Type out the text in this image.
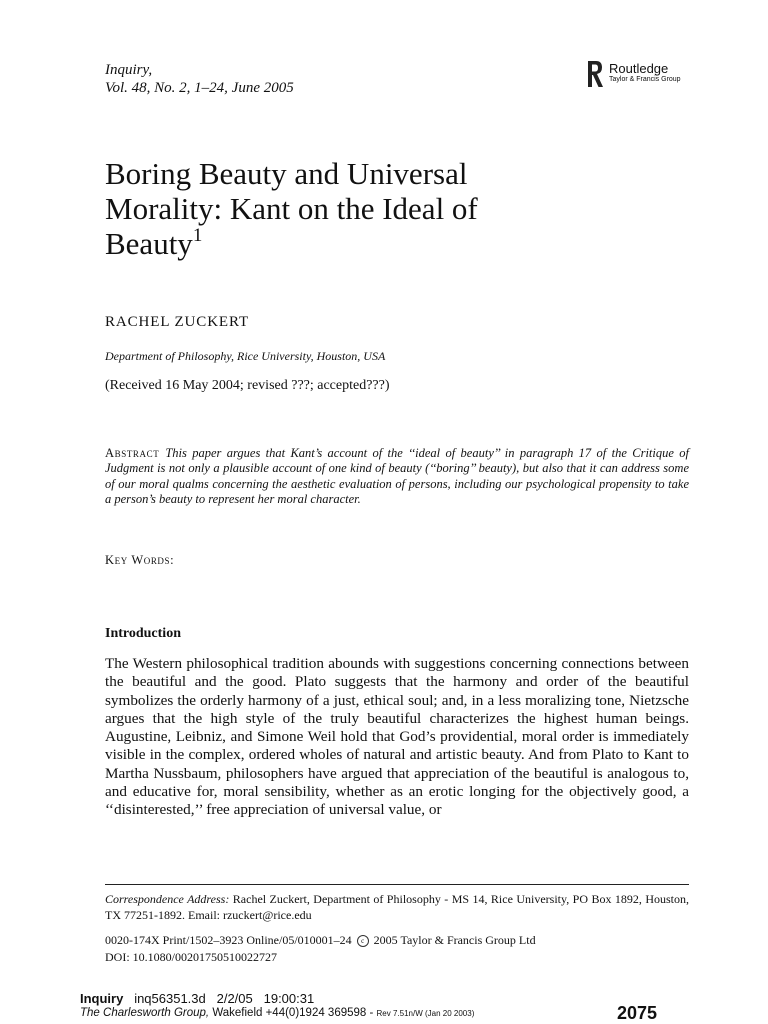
Inquiry,
Vol. 48, No. 2, 1–24, June 2005
Routledge
Taylor & Francis Group
Boring Beauty and Universal
Morality: Kant on the Ideal of
Beauty$^1$
RACHEL ZUCKERT
Department of Philosophy, Rice University, Houston, USA
(Received 16 May 2004; revised ???; accepted???)
Abstract This paper argues that Kant’s account of the ‘‘ideal of beauty’’ in paragraph 17 of the Critique of Judgment is not only a plausible account of one kind of beauty (‘‘boring’’ beauty), but also that it can address some of our moral qualms concerning the aesthetic evaluation of persons, including our psychological propensity to take a person’s beauty to represent her moral character.
Key Words:
Introduction
The Western philosophical tradition abounds with suggestions concerning connections between the beautiful and the good. Plato suggests that the harmony and order of the beautiful symbolizes the orderly harmony of a just, ethical soul; and, in a less moralizing tone, Nietzsche argues that the high style of the truly beautiful characterizes the highest human beings. Augustine, Leibniz, and Simone Weil hold that God’s providential, moral order is immediately visible in the complex, ordered wholes of natural and artistic beauty. And from Plato to Kant to Martha Nussbaum, philosophers have argued that appreciation of the beautiful is analogous to, and educative for, moral sensibility, whether as an erotic longing for the objectively good, a ‘‘disinterested,’’ free appreciation of universal value, or
Correspondence Address: Rachel Zuckert, Department of Philosophy - MS 14, Rice University, PO Box 1892, Houston, TX 77251-1892. Email: rzuckert@rice.edu
0020-174X Print/1502–3923 Online/05/010001–24 c 2005 Taylor & Francis Group Ltd
DOI: 10.1080/00201750510022727
Inquiry inq56351.3d 2/2/05 19:00:31
The Charlesworth Group, Wakefield +44(0)1924 369598 - Rev 7.51n/W (Jan 20 2003)	2075
